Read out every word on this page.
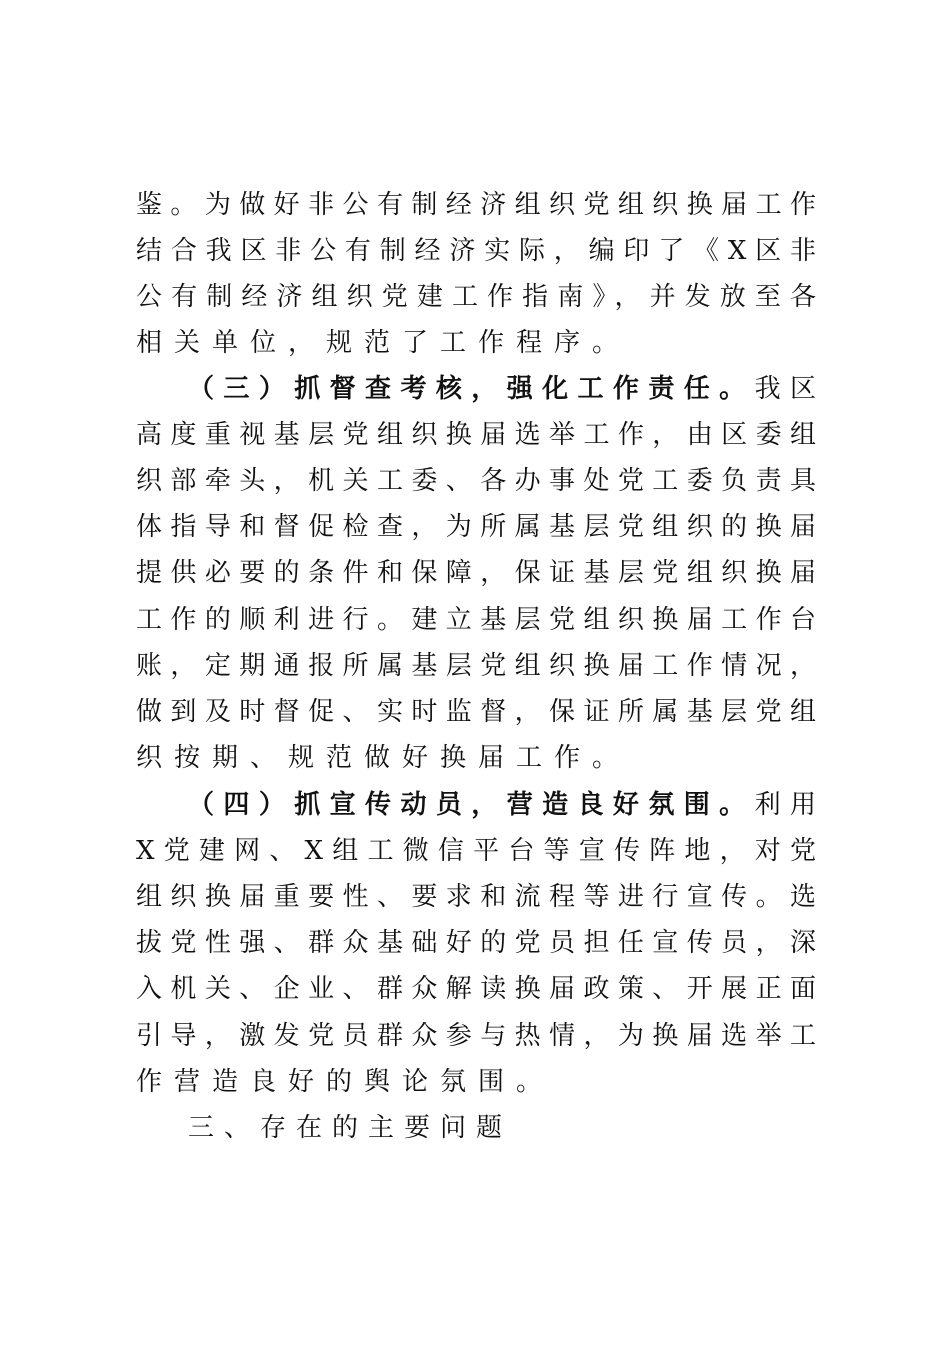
鉴。为做好非公有制经济组织党组织换届工作
结合我区非公有制经济实际，编印了《X区非
公有制经济组织党建工作指南》，并发放至各
相关单位，规范了工作程序。
（三）抓督查考核，强化工作责任。我区
高度重视基层党组织换届选举工作，由区委组
织部牵头，机关工委、各办事处党工委负责具
体指导和督促检查，为所属基层党组织的换届
提供必要的条件和保障，保证基层党组织换届
工作的顺利进行。建立基层党组织换届工作台
账，定期通报所属基层党组织换届工作情况，
做到及时督促、实时监督，保证所属基层党组
织按期、规范做好换届工作。
（四）抓宣传动员，营造良好氛围。利用
X党建网、X组工微信平台等宣传阵地，对党
组织换届重要性、要求和流程等进行宣传。选
拔党性强、群众基础好的党员担任宣传员，深
入机关、企业、群众解读换届政策、开展正面
引导，激发党员群众参与热情，为换届选举工
作营造良好的舆论氛围。
三、存在的主要问题
